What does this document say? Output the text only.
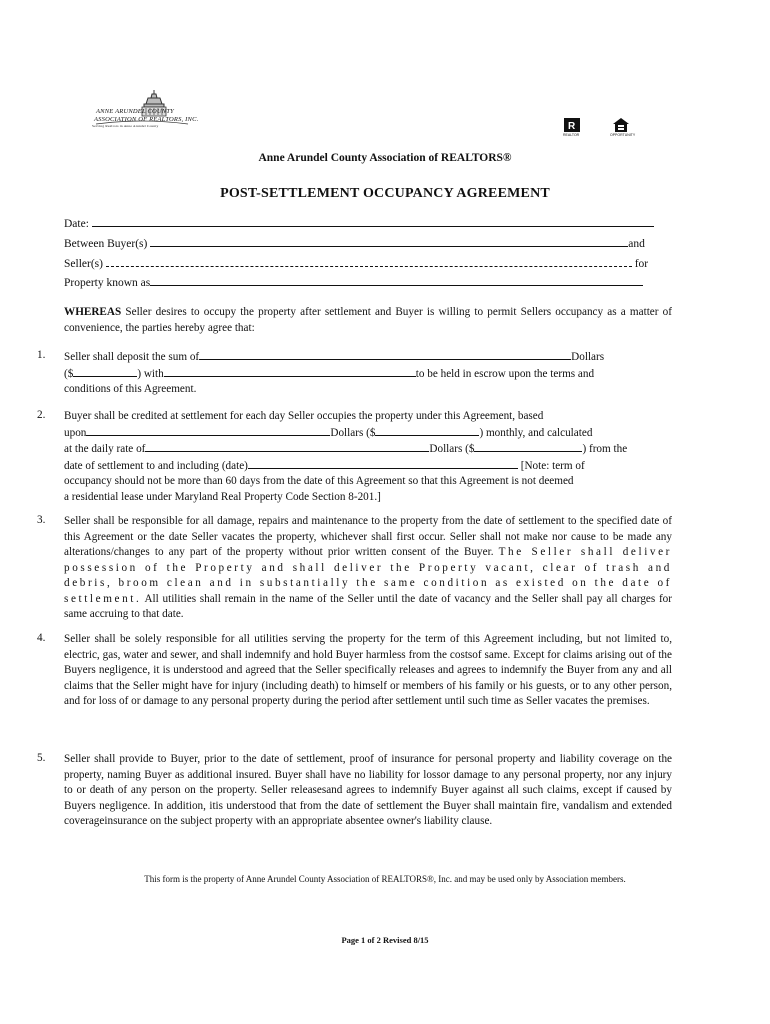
ANNE ARUNDEL COUNTY
ASSOCIATION OF REALTORS, INC.
Serving Realtors in Anne Arundel County	R
REALTOR	OPPORTUNITY
Anne Arundel County Association of REALTORS®
POST-SETTLEMENT OCCUPANCY AGREEMENT
Date:
Between Buyer(s)	and
Seller(s)	for
Property known as
WHEREAS Seller desires to occupy the property after settlement and Buyer is willing to permit Sellers occupancy as a matter of convenience, the parties hereby agree that:
1. Seller shall deposit the sum of	Dollars
($	) with	to be held in escrow upon the terms and
conditions of this Agreement.
2. Buyer shall be credited at settlement for each day Seller occupies the property under this Agreement, based
upon	Dollars ($	) monthly, and calculated
at the daily rate of	Dollars ($	) from the
date of settlement to and including (date)	[Note: term of
occupancy should not be more than 60 days from the date of this Agreement so that this Agreement is not deemed
a residential lease under Maryland Real Property Code Section 8-201.]
3. Seller shall be responsible for all damage, repairs and maintenance to the property from the date of settlement to the specified date of this Agreement or the date Seller vacates the property, whichever shall first occur. Seller shall not make nor cause to be made any alterations/changes to any part of the property without prior written consent of the Buyer. The Seller shall deliver possession of the Property and shall deliver the Property vacant, clear of trash and debris, broom clean and in substantially the same condition as existed on the date of settlement. All utilities shall remain in the name of the Seller until the date of vacancy and the Seller shall pay all charges for same accruing to that date.
4. Seller shall be solely responsible for all utilities serving the property for the term of this Agreement including, but not limited to, electric, gas, water and sewer, and shall indemnify and hold Buyer harmless from the costsof same. Except for claims arising out of the Buyers negligence, it is understood and agreed that the Seller specifically releases and agrees to indemnify the Buyer from any and all claims that the Seller might have for injury (including death) to himself or members of his family or his guests, or to any other person, and for loss of or damage to any personal property during the period after settlement until such time as Seller vacates the premises.
5. Seller shall provide to Buyer, prior to the date of settlement, proof of insurance for personal property and liability coverage on the property, naming Buyer as additional insured. Buyer shall have no liability for lossor damage to any personal property, nor any injury to or death of any person on the property. Seller releasesand agrees to indemnify Buyer against all such claims, except if caused by Buyers negligence. In addition, itis understood that from the date of settlement the Buyer shall maintain fire, vandalism and extended coverageinsurance on the subject property with an appropriate absentee owner's liability clause.
This form is the property of Anne Arundel County Association of REALTORS®, Inc. and may be used only by Association members.
Page 1 of 2 Revised 8/15
